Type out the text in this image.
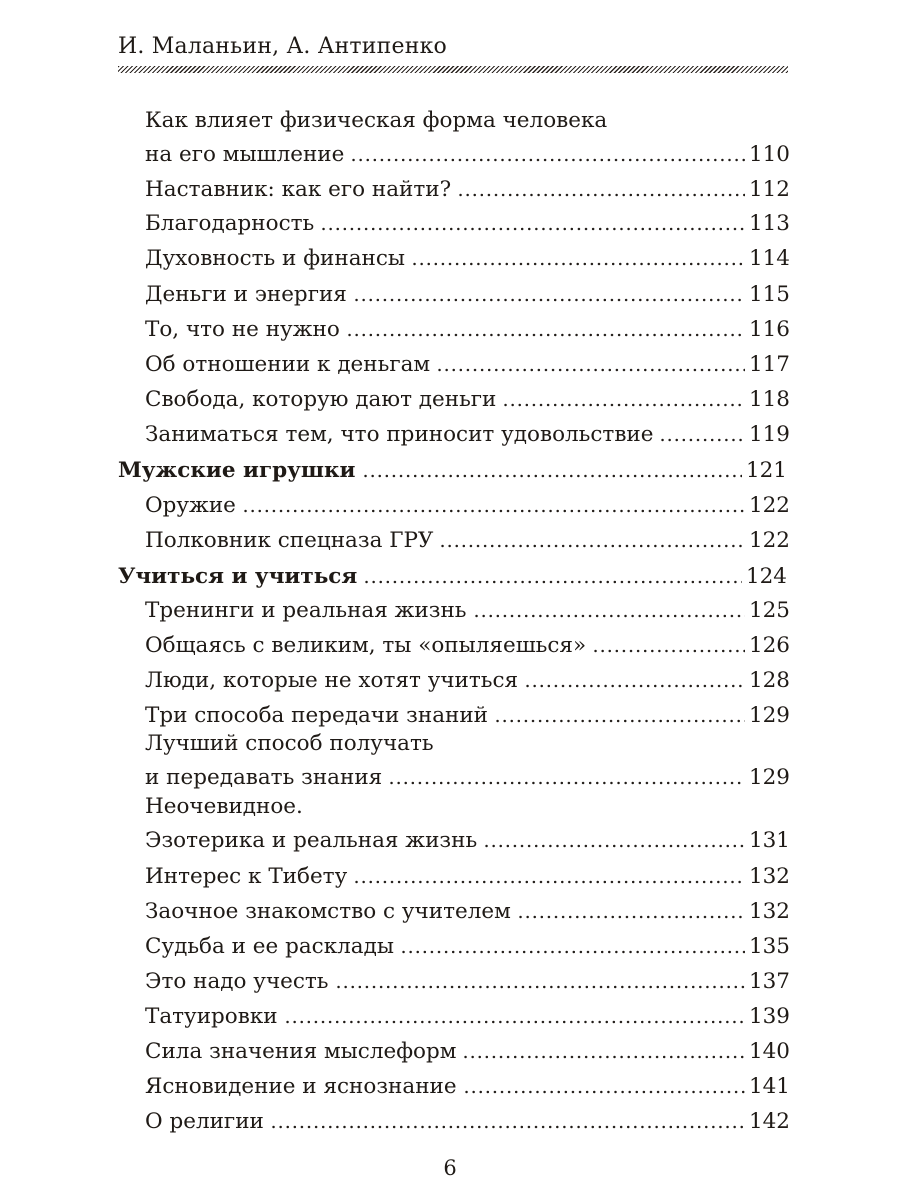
И. Маланьин, А. Антипенко
Как влияет физическая форма человека
на его мышление	110
Наставник: как его найти?	112
Благодарность	113
Духовность и финансы	114
Деньги и энергия	115
То, что не нужно	116
Об отношении к деньгам	117
Свобода, которую дают деньги	118
Заниматься тем, что приносит удовольствие	119
Мужские игрушки	121
Оружие	122
Полковник спецназа ГРУ	122
Учиться и учиться	124
Тренинги и реальная жизнь	125
Общаясь с великим, ты «опыляешься»	126
Люди, которые не хотят учиться	128
Три способа передачи знаний	129
Лучший способ получать
и передавать знания	129
Неочевидное.
Эзотерика и реальная жизнь	131
Интерес к Тибету	132
Заочное знакомство с учителем	132
Судьба и ее расклады	135
Это надо учесть	137
Татуировки	139
Сила значения мыслеформ	140
Ясновидение и яснознание	141
О религии	142
6
